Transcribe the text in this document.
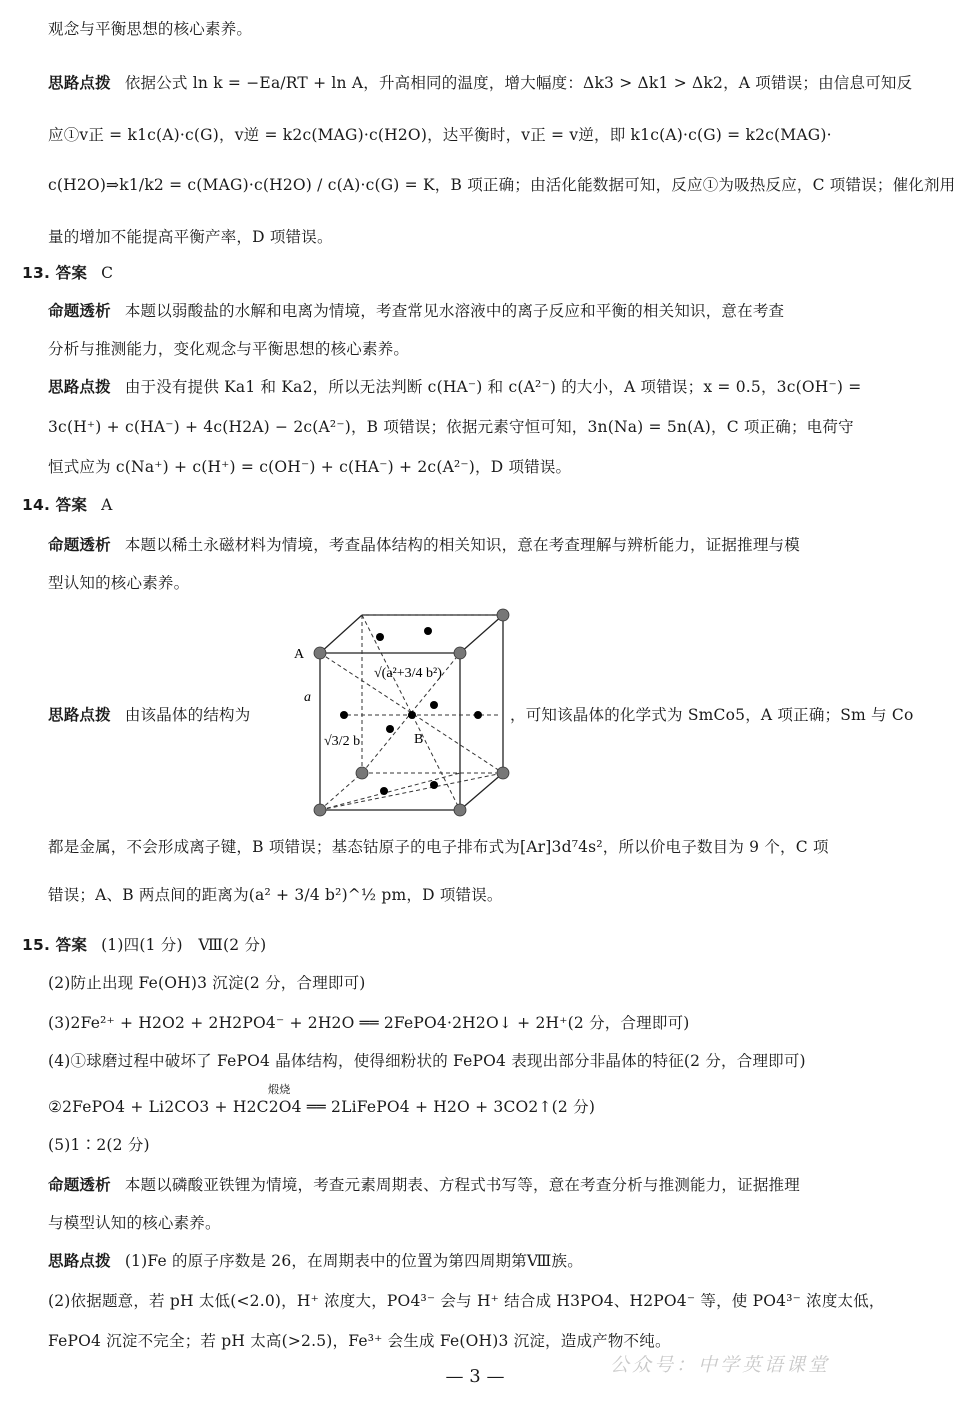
观念与平衡思想的核心素养。
思路点拨 依据公式 ln k = −Ea/RT + ln A，升高相同的温度，增大幅度：Δk3 > Δk1 > Δk2，A 项错误；由信息可知反
应①v正 = k1c(A)·c(G)，v逆 = k2c(MAG)·c(H2O)，达平衡时，v正 = v逆，即 k1c(A)·c(G) = k2c(MAG)·
c(H2O)⇒k1/k2 = c(MAG)·c(H2O) / c(A)·c(G) = K，B 项正确；由活化能数据可知，反应①为吸热反应，C 项错误；催化剂用
量的增加不能提高平衡产率，D 项错误。
13. 答案 C
命题透析 本题以弱酸盐的水解和电离为情境，考查常见水溶液中的离子反应和平衡的相关知识，意在考查
分析与推测能力，变化观念与平衡思想的核心素养。
思路点拨 由于没有提供 Ka1 和 Ka2，所以无法判断 c(HA⁻) 和 c(A²⁻) 的大小，A 项错误；x = 0.5，3c(OH⁻) =
3c(H⁺) + c(HA⁻) + 4c(H2A) − 2c(A²⁻)，B 项错误；依据元素守恒可知，3n(Na) = 5n(A)，C 项正确；电荷守
恒式应为 c(Na⁺) + c(H⁺) = c(OH⁻) + c(HA⁻) + 2c(A²⁻)，D 项错误。
14. 答案 A
命题透析 本题以稀土永磁材料为情境，考查晶体结构的相关知识，意在考查理解与辨析能力，证据推理与模
型认知的核心素养。
A
B
a
√(a²+3/4 b²)
√3/2 b
思路点拨 由该晶体的结构为	，可知该晶体的化学式为 SmCo5，A 项正确；Sm 与 Co
都是金属，不会形成离子键，B 项错误；基态钴原子的电子排布式为[Ar]3d⁷4s²，所以价电子数目为 9 个，C 项
错误；A、B 两点间的距离为(a² + 3/4 b²)^½ pm，D 项错误。
15. 答案 (1)四(1 分)　Ⅷ(2 分)
(2)防止出现 Fe(OH)3 沉淀(2 分，合理即可)
(3)2Fe²⁺ + H2O2 + 2H2PO4⁻ + 2H2O ══ 2FePO4·2H2O↓ + 2H⁺(2 分，合理即可)
(4)①球磨过程中破坏了 FePO4 晶体结构，使得细粉状的 FePO4 表现出部分非晶体的特征(2 分，合理即可)
煅烧
②2FePO4 + Li2CO3 + H2C2O4 ══ 2LiFePO4 + H2O + 3CO2↑(2 分)
(5)1∶2(2 分)
命题透析 本题以磷酸亚铁锂为情境，考查元素周期表、方程式书写等，意在考查分析与推测能力，证据推理
与模型认知的核心素养。
思路点拨 (1)Fe 的原子序数是 26，在周期表中的位置为第四周期第Ⅷ族。
(2)依据题意，若 pH 太低(<2.0)，H⁺ 浓度大，PO4³⁻ 会与 H⁺ 结合成 H3PO4、H2PO4⁻ 等，使 PO4³⁻ 浓度太低，
FePO4 沉淀不完全；若 pH 太高(>2.5)，Fe³⁺ 会生成 Fe(OH)3 沉淀，造成产物不纯。
— 3 —
公众号：中学英语课堂
